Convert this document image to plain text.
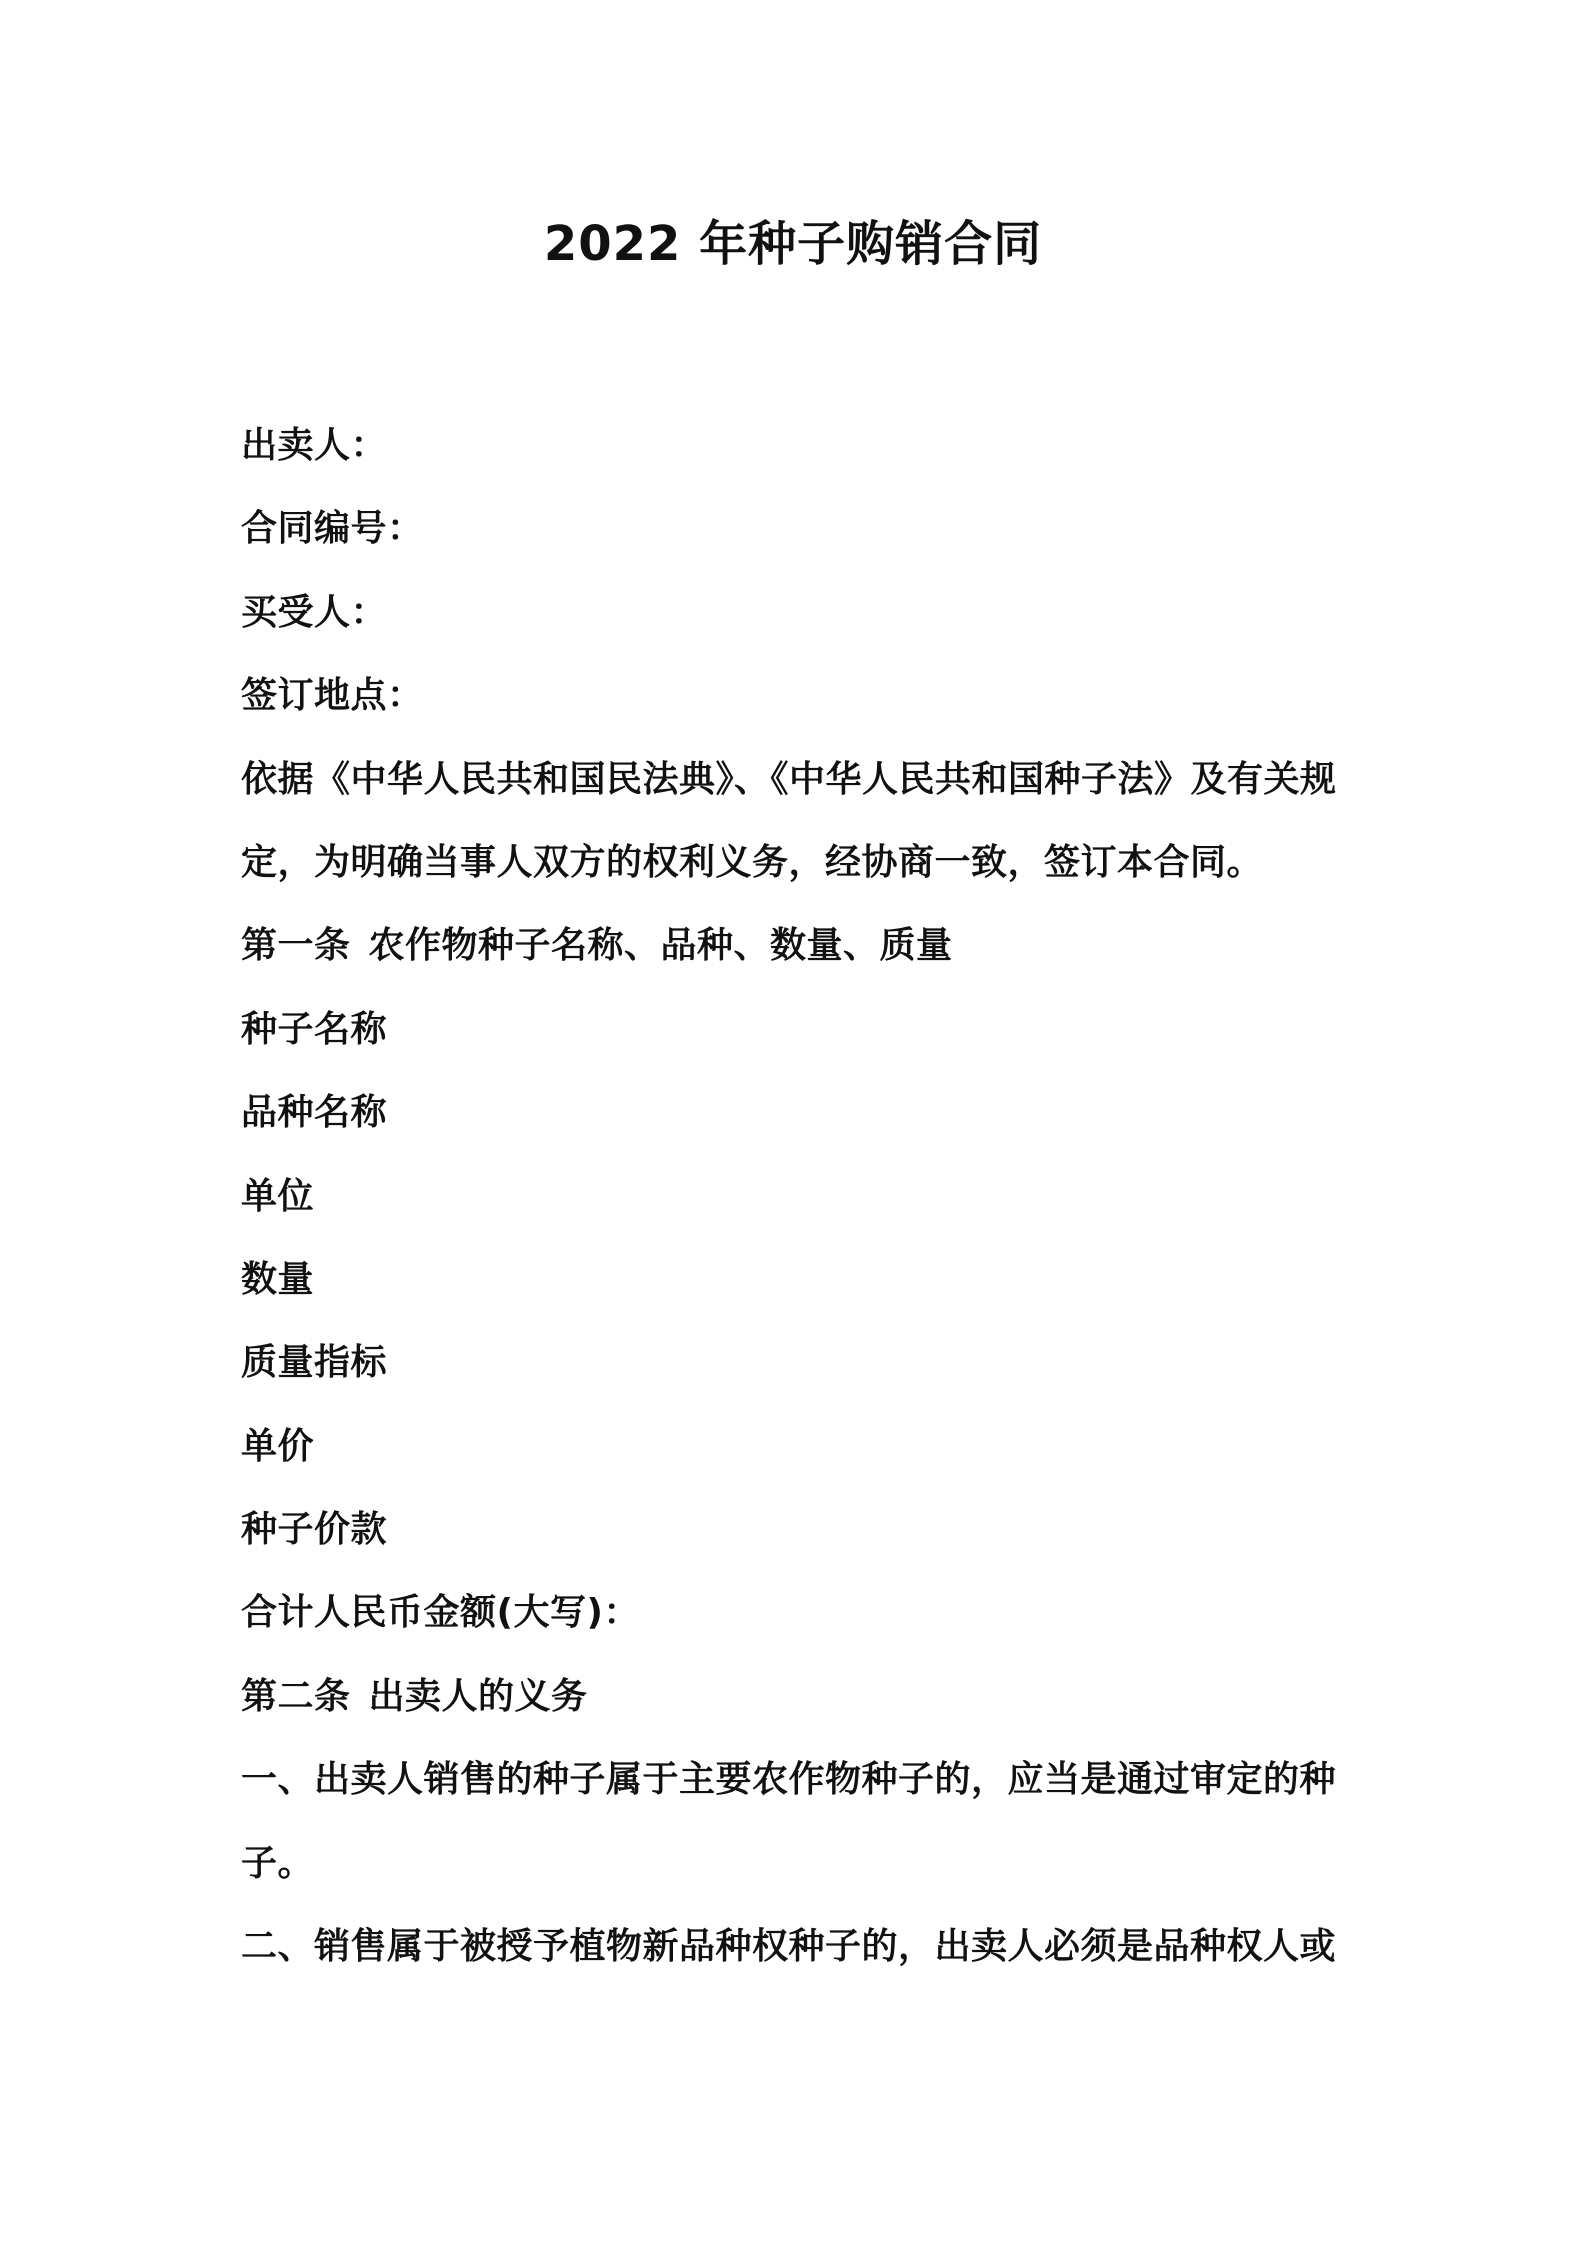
2022 年种子购销合同
出卖人：
合同编号：
买受人：
签订地点：
依据《中华人民共和国民法典》、《中华人民共和国种子法》及有关规
定，为明确当事人双方的权利义务，经协商一致，签订本合同。
第一条 农作物种子名称、品种、数量、质量
种子名称
品种名称
单位
数量
质量指标
单价
种子价款
合计人民币金额(大写)：
第二条 出卖人的义务
一、出卖人销售的种子属于主要农作物种子的，应当是通过审定的种
子。
二、销售属于被授予植物新品种权种子的，出卖人必须是品种权人或
